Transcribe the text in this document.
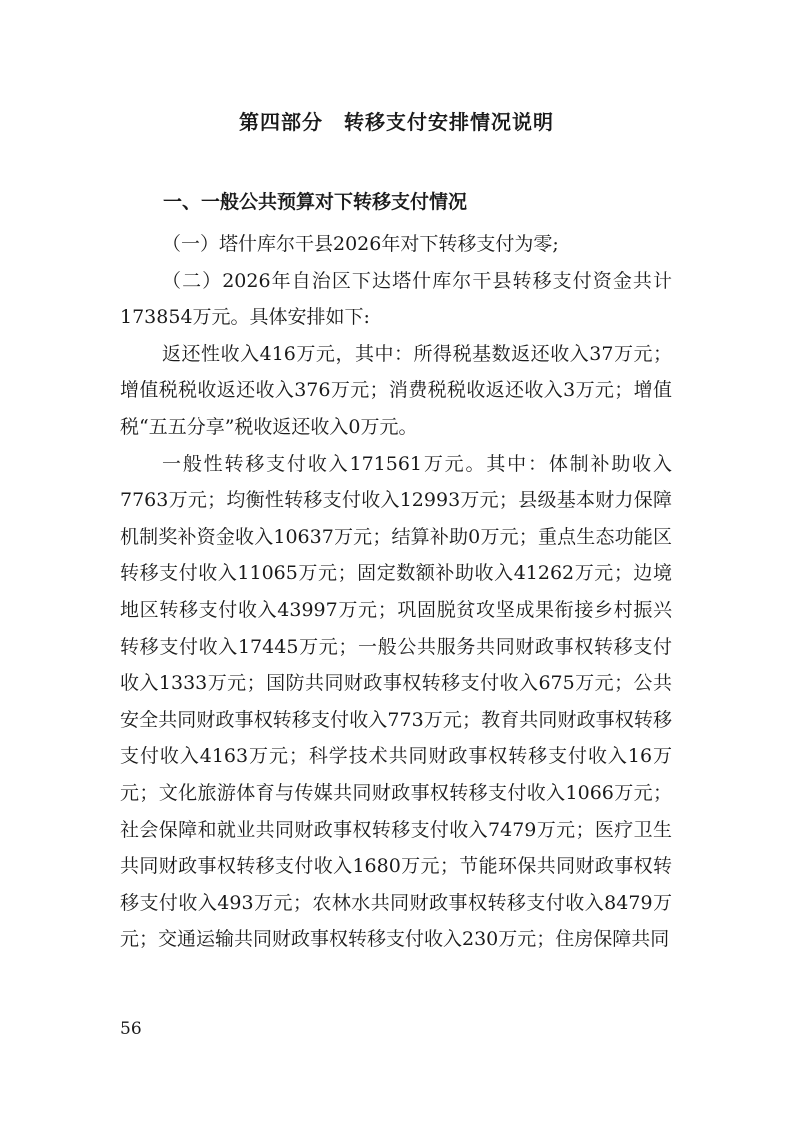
第四部分　转移支付安排情况说明
一、一般公共预算对下转移支付情况

（一）塔什库尔干县2026年对下转移支付为零;

（二）2026年自治区下达塔什库尔干县转移支付资金共计173854万元。具体安排如下:

返还性收入416万元，其中：所得税基数返还收入37万元；增值税税收返还收入376万元；消费税税收返还收入3万元；增值税“五五分享”税收返还收入0万元。

一般性转移支付收入171561万元。其中：体制补助收入7763万元；均衡性转移支付收入12993万元；县级基本财力保障机制奖补资金收入10637万元；结算补助0万元；重点生态功能区转移支付收入11065万元；固定数额补助收入41262万元；边境地区转移支付收入43997万元；巩固脱贫攻坚成果衔接乡村振兴转移支付收入17445万元；一般公共服务共同财政事权转移支付收入1333万元；国防共同财政事权转移支付收入675万元；公共安全共同财政事权转移支付收入773万元；教育共同财政事权转移支付收入4163万元；科学技术共同财政事权转移支付收入16万元；文化旅游体育与传媒共同财政事权转移支付收入1066万元；社会保障和就业共同财政事权转移支付收入7479万元；医疗卫生共同财政事权转移支付收入1680万元；节能环保共同财政事权转移支付收入493万元；农林水共同财政事权转移支付收入8479万元；交通运输共同财政事权转移支付收入230万元；住房保障共同

56
